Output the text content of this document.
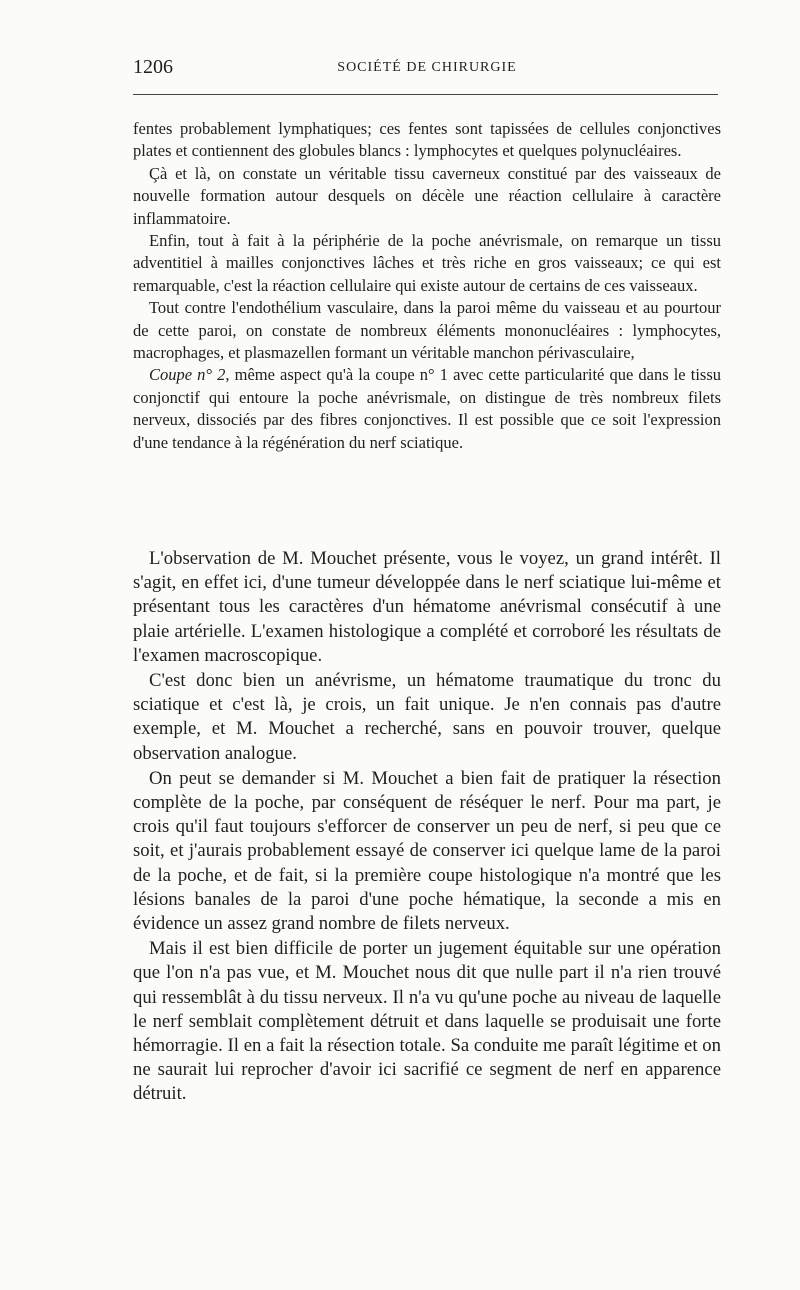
1206	SOCIÉTÉ DE CHIRURGIE

fentes probablement lymphatiques; ces fentes sont tapissées de cellules conjonctives plates et contiennent des globules blancs : lymphocytes et quelques polynucléaires.

Çà et là, on constate un véritable tissu caverneux constitué par des vaisseaux de nouvelle formation autour desquels on décèle une réaction cellulaire à caractère inflammatoire.

Enfin, tout à fait à la périphérie de la poche anévrismale, on remarque un tissu adventitiel à mailles conjonctives lâches et très riche en gros vaisseaux; ce qui est remarquable, c'est la réaction cellulaire qui existe autour de certains de ces vaisseaux.

Tout contre l'endothélium vasculaire, dans la paroi même du vaisseau et au pourtour de cette paroi, on constate de nombreux éléments mononucléaires : lymphocytes, macrophages, et plasmazellen formant un véritable manchon périvasculaire,

Coupe n° 2, même aspect qu'à la coupe n° 1 avec cette particularité que dans le tissu conjonctif qui entoure la poche anévrismale, on distingue de très nombreux filets nerveux, dissociés par des fibres conjonctives. Il est possible que ce soit l'expression d'une tendance à la régénération du nerf sciatique.

L'observation de M. Mouchet présente, vous le voyez, un grand intérêt. Il s'agit, en effet ici, d'une tumeur développée dans le nerf sciatique lui-même et présentant tous les caractères d'un hématome anévrismal consécutif à une plaie artérielle. L'examen histologique a complété et corroboré les résultats de l'examen macroscopique.

C'est donc bien un anévrisme, un hématome traumatique du tronc du sciatique et c'est là, je crois, un fait unique. Je n'en connais pas d'autre exemple, et M. Mouchet a recherché, sans en pouvoir trouver, quelque observation analogue.

On peut se demander si M. Mouchet a bien fait de pratiquer la résection complète de la poche, par conséquent de réséquer le nerf. Pour ma part, je crois qu'il faut toujours s'efforcer de conserver un peu de nerf, si peu que ce soit, et j'aurais probablement essayé de conserver ici quelque lame de la paroi de la poche, et de fait, si la première coupe histologique n'a montré que les lésions banales de la paroi d'une poche hématique, la seconde a mis en évidence un assez grand nombre de filets nerveux.

Mais il est bien difficile de porter un jugement équitable sur une opération que l'on n'a pas vue, et M. Mouchet nous dit que nulle part il n'a rien trouvé qui ressemblât à du tissu nerveux. Il n'a vu qu'une poche au niveau de laquelle le nerf semblait complètement détruit et dans laquelle se produisait une forte hémorragie. Il en a fait la résection totale. Sa conduite me paraît légitime et on ne saurait lui reprocher d'avoir ici sacrifié ce segment de nerf en apparence détruit.
